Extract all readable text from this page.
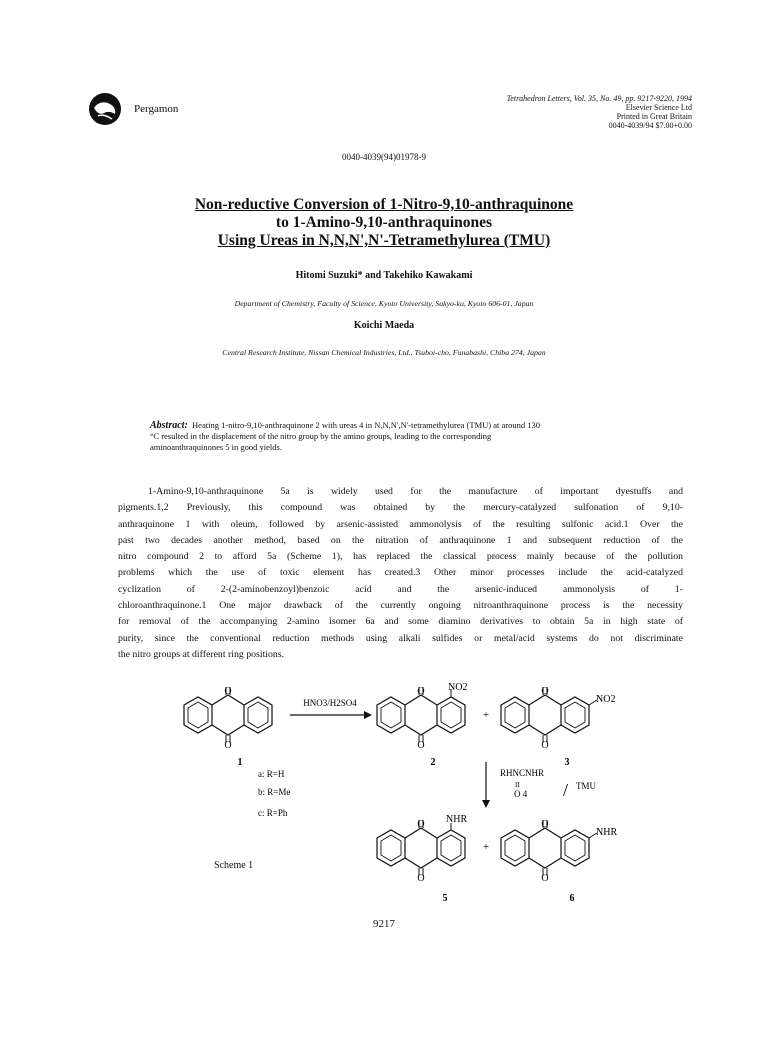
Pergamon
Tetrahedron Letters, Vol. 35, No. 49, pp. 9217-9220, 1994
Elsevier Science Ltd
Printed in Great Britain
0040-4039/94 $7.00+0.00
0040-4039(94)01978-9
Non-reductive Conversion of 1-Nitro-9,10-anthraquinone
to 1-Amino-9,10-anthraquinones
Using Ureas in N,N,N',N'-Tetramethylurea (TMU)
Hitomi Suzuki* and Takehiko Kawakami
Department of Chemistry, Faculty of Science, Kyoto University, Sakyo-ku, Kyoto 606-01, Japan
Koichi Maeda
Central Research Institute, Nissan Chemical Industries, Ltd., Tsuboi-cho, Funabashi, Chiba 274, Japan
Abstract: Heating 1-nitro-9,10-anthraquinone 2 with ureas 4 in N,N,N',N'-tetramethylurea (TMU) at around 130
°C resulted in the displacement of the nitro group by the amino groups, leading to the corresponding
aminoanthraquinones 5 in good yields.
1-Amino-9,10-anthraquinone 5a is widely used for the manufacture of important dyestuffs and
pigments.1,2 Previously, this compound was obtained by the mercury-catalyzed sulfonation of 9,10-
anthraquinone 1 with oleum, followed by arsenic-assisted ammonolysis of the resulting sulfonic acid.1 Over the
past two decades another method, based on the nitration of anthraquinone 1 and subsequent reduction of the
nitro compound 2 to afford 5a (Scheme 1), has replaced the classical process mainly because of the pollution
problems which the use of toxic element has created.3 Other minor processes include the acid-catalyzed
cyclization of 2-(2-aminobenzoyl)benzoic acid and the arsenic-induced ammonolysis of 1-
chloroanthraquinone.1 One major drawback of the currently ongoing nitroanthraquinone process is the necessity
for removal of the accompanying 2-amino isomer 6a and some diamino derivatives to obtain 5a in high state of
purity, since the conventional reduction methods using alkali sulfides or metal/acid systems do not discriminate
the nitro groups at different ring positions.
O
O
1
HNO3/H2SO4
O
O
NO2
2
+
O
O
NO2
3
a: R=H
b: R=Me
c: R=Ph
RHNCNHR
II
O 4 / TMU
O
O
NHR
5
+
O
O
NHR
6
Scheme 1
9217
